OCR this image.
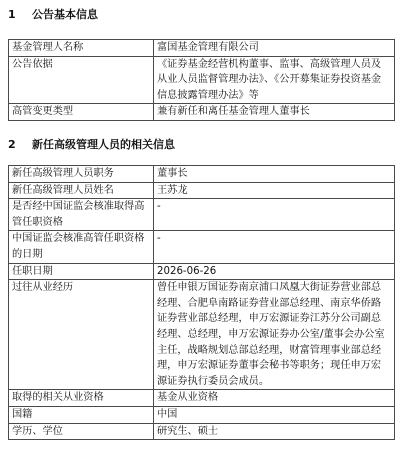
1 公告基本信息
基金管理人名称	富国基金管理有限公司
公告依据	《证券基金经营机构董事、监事、高级管理人员及从业人员监督管理办法》、《公开募集证券投资基金信息披露管理办法》等
高管变更类型	兼有新任和离任基金管理人董事长
2 新任高级管理人员的相关信息
新任高级管理人员职务	董事长
新任高级管理人员姓名	王苏龙
是否经中国证监会核准取得高管任职资格	-
中国证监会核准高管任职资格的日期	-
任职日期	2026-06-26
过往从业经历	曾任申银万国证券南京浦口凤凰大街证券营业部总经理、合肥阜南路证券营业部总经理、南京华侨路证券营业部总经理，申万宏源证券江苏分公司副总经理、总经理，申万宏源证券办公室/董事会办公室主任，战略规划总部总经理，财富管理事业部总经理，申万宏源证券董事会秘书等职务；现任申万宏源证券执行委员会成员。
取得的相关从业资格	基金从业资格
国籍	中国
学历、学位	研究生、硕士
